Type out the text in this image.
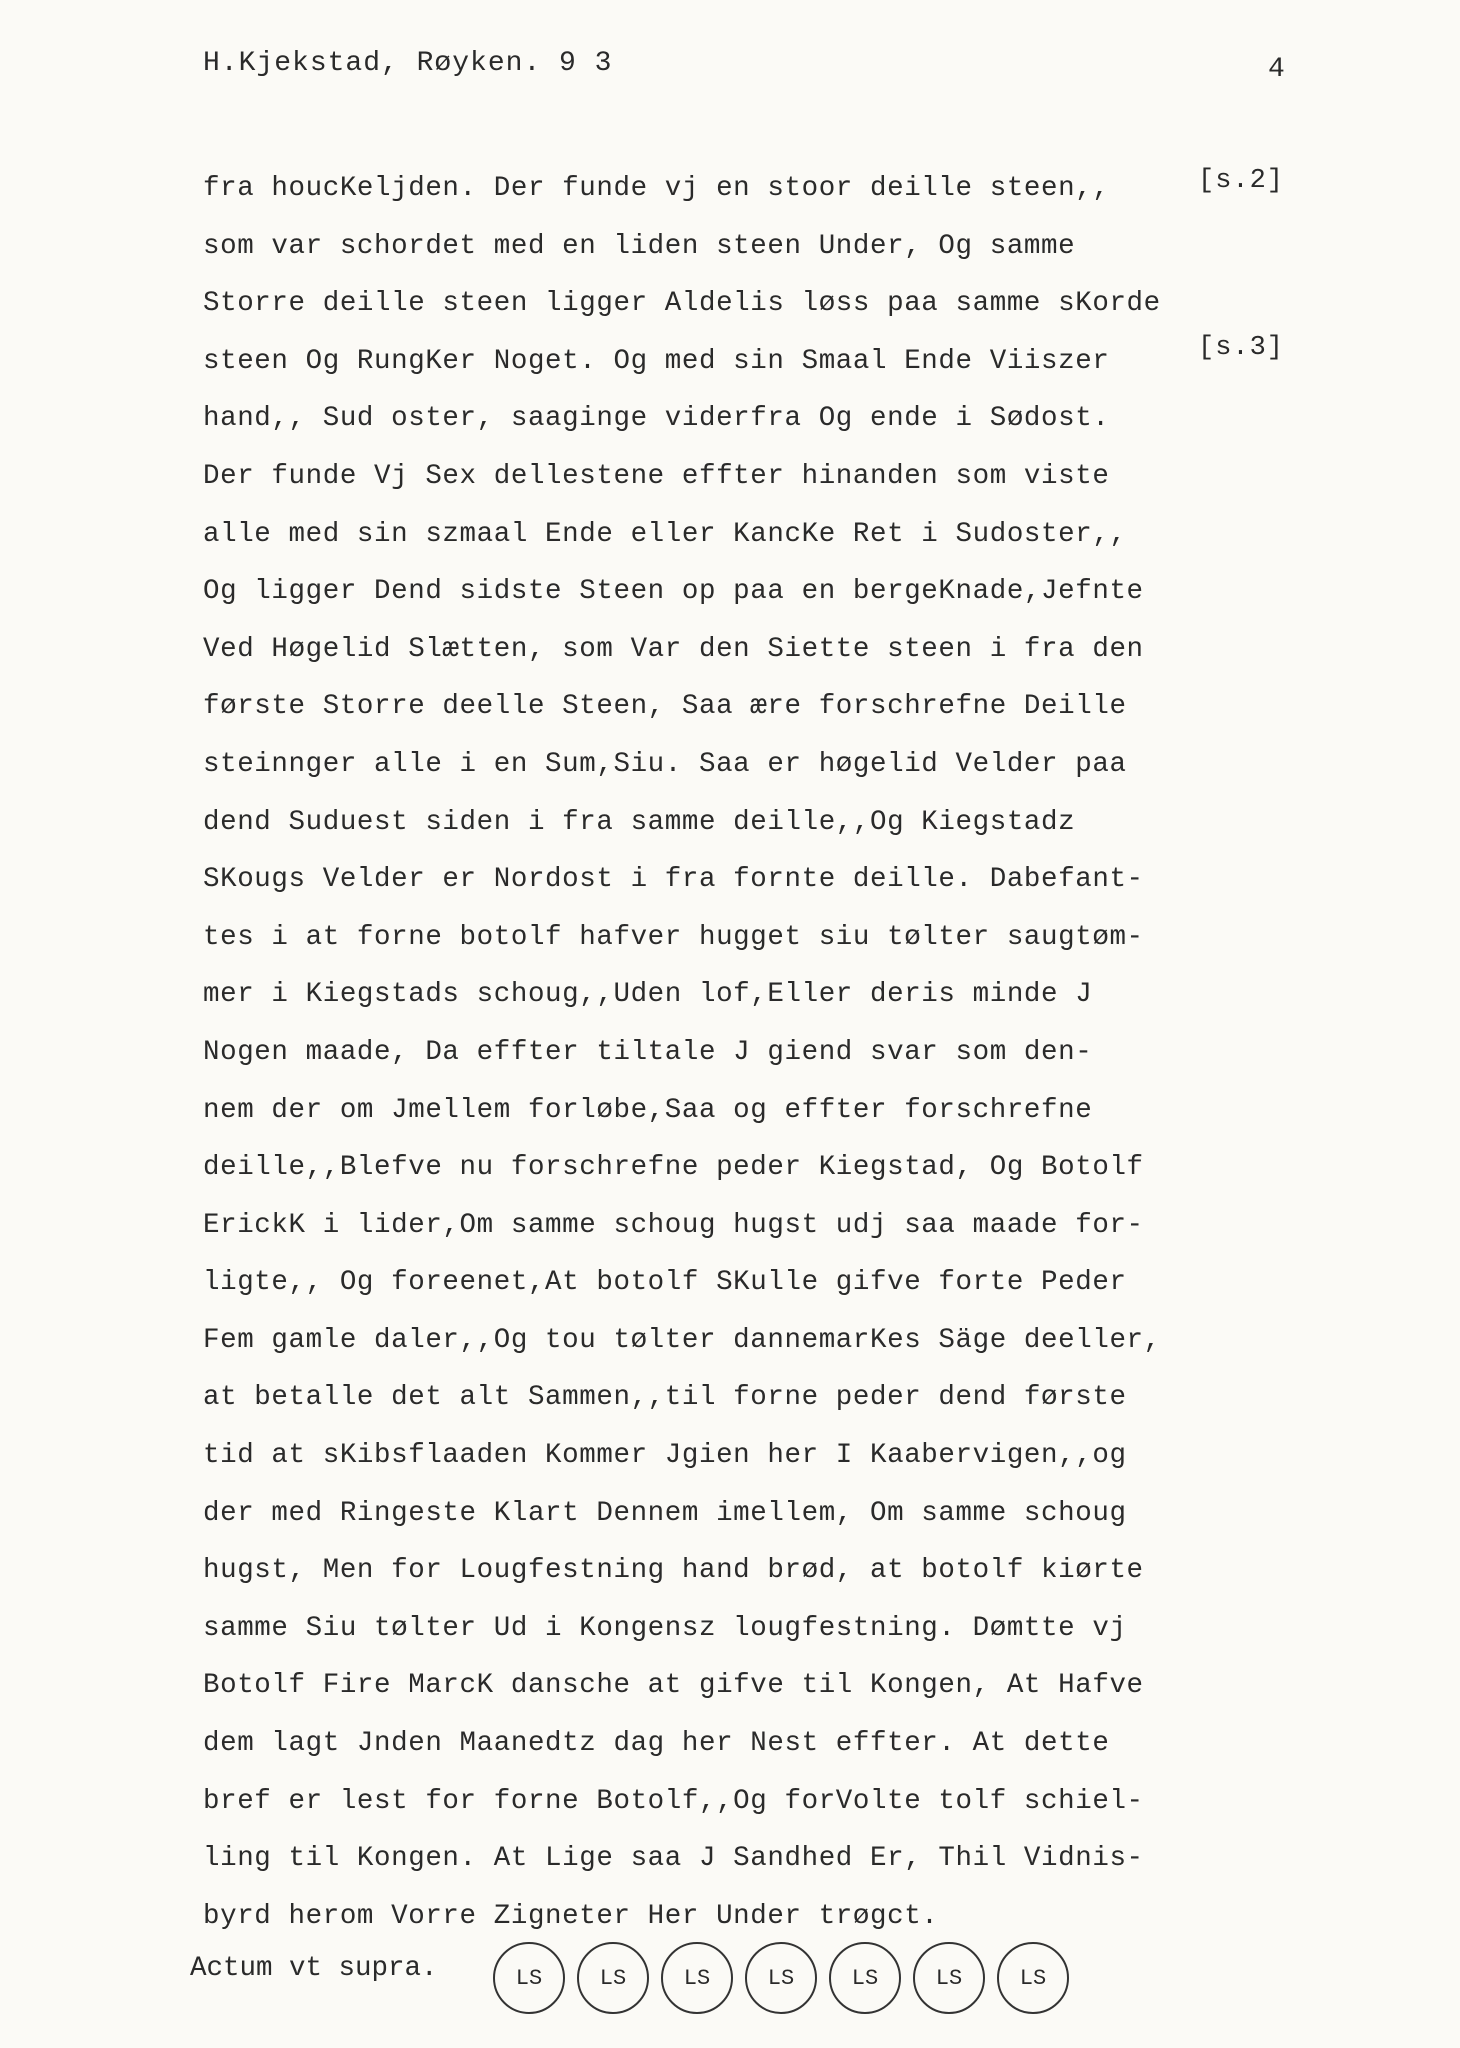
H.Kjekstad, Røyken. 9 3	4
[s.2]
[s.3]
fra houcKeljden. Der funde vj en stoor deille steen,,
som var schordet med en liden steen Under, Og samme
Storre deille steen ligger Aldelis løss paa samme sKorde
steen Og RungKer Noget. Og med sin Smaal Ende Viiszer
hand,, Sud oster, saaginge viderfra Og ende i Sødost.
Der funde Vj Sex dellestene effter hinanden som viste
alle med sin szmaal Ende eller KancKe Ret i Sudoster,,
Og ligger Dend sidste Steen op paa en bergeKnade,Jefnte
Ved Høgelid Slætten, som Var den Siette steen i fra den
første Storre deelle Steen, Saa ære forschrefne Deille
steinnger alle i en Sum,Siu. Saa er høgelid Velder paa
dend Suduest siden i fra samme deille,,Og Kiegstadz
SKougs Velder er Nordost i fra fornte deille. Dabefant-
tes i at forne botolf hafver hugget siu tølter saugtøm-
mer i Kiegstads schoug,,Uden lof,Eller deris minde J
Nogen maade, Da effter tiltale J giend svar som den-
nem der om Jmellem forløbe,Saa og effter forschrefne
deille,,Blefve nu forschrefne peder Kiegstad, Og Botolf
ErickK i lider,Om samme schoug hugst udj saa maade for-
ligte,, Og foreenet,At botolf SKulle gifve forte Peder
Fem gamle daler,,Og tou tølter dannemarKes Säge deeller,
at betalle det alt Sammen,,til forne peder dend første
tid at sKibsflaaden Kommer Jgien her I Kaabervigen,,og
der med Ringeste Klart Dennem imellem, Om samme schoug
hugst, Men for Lougfestning hand brød, at botolf kiørte
samme Siu tølter Ud i Kongensz lougfestning. Dømtte vj
Botolf Fire MarcK dansche at gifve til Kongen, At Hafve
dem lagt Jnden Maanedtz dag her Nest effter. At dette
bref er lest for forne Botolf,,Og forVolte tolf schiel-
ling til Kongen. At Lige saa J Sandhed Er, Thil Vidnis-
byrd herom Vorre Zigneter Her Under trøgct.
Actum vt supra.	LS	LS	LS	LS	LS	LS	LS
